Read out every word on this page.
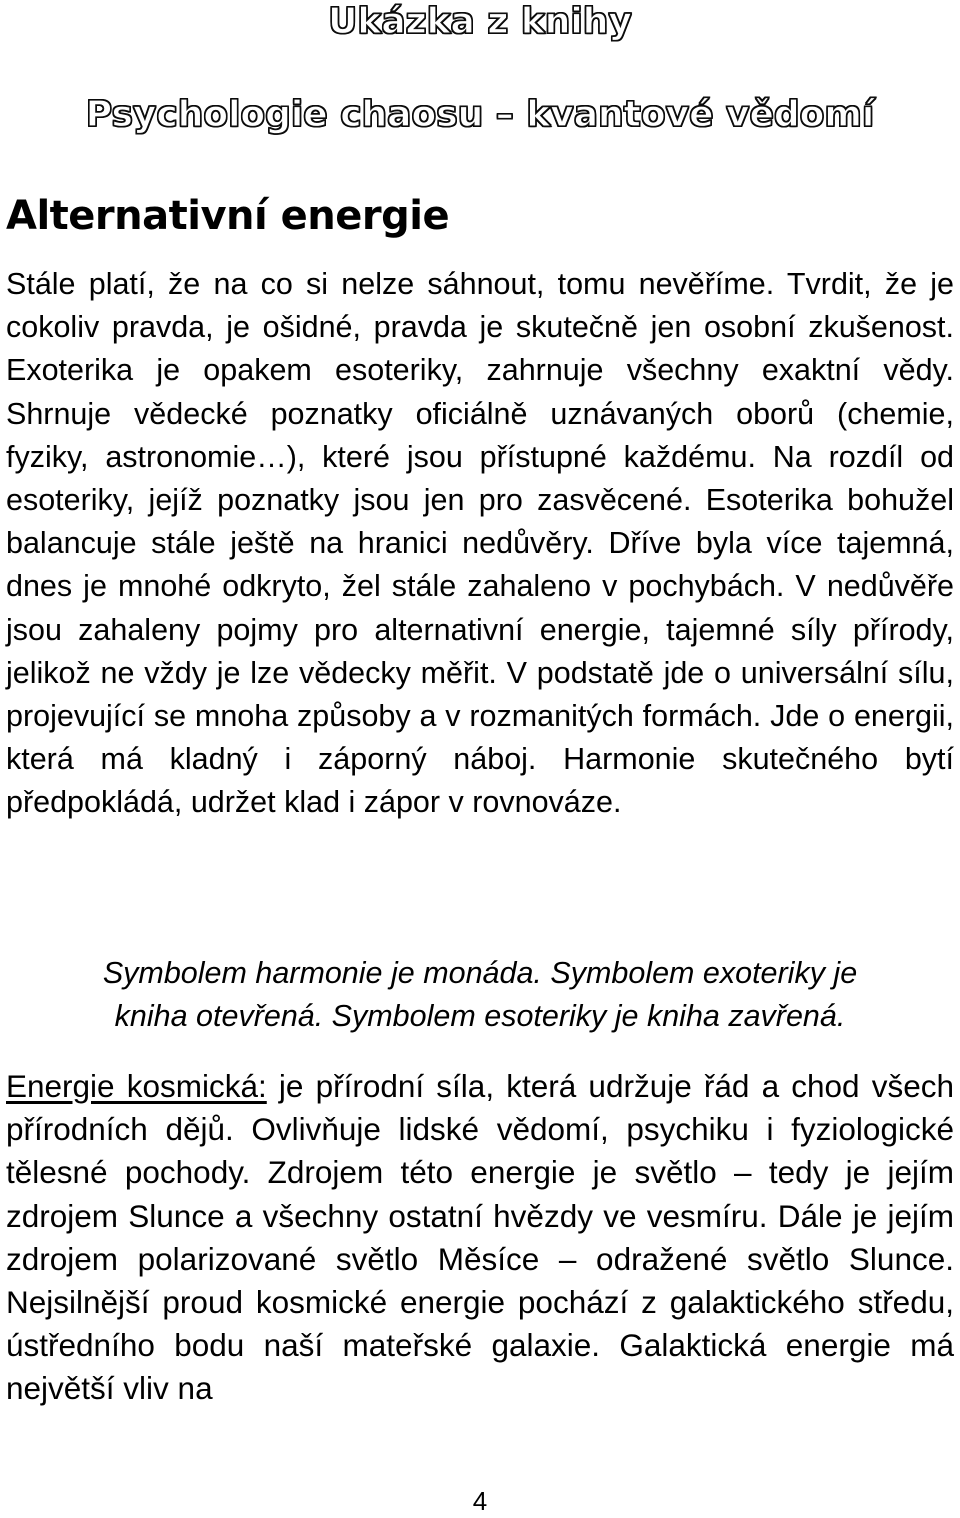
Ukázka z knihy
Psychologie chaosu – kvantové vědomí
Alternativní energie

Stále platí, že na co si nelze sáhnout, tomu nevěříme. Tvrdit, že je cokoliv pravda, je ošidné, pravda je skutečně jen osobní zkušenost. Exoterika je opakem esoteriky, zahrnuje všechny exaktní vědy. Shrnuje vědecké poznatky oficiálně uznávaných oborů (chemie, fyziky, astronomie…), které jsou přístupné každému. Na rozdíl od esoteriky, jejíž poznatky jsou jen pro zasvěcené. Esoterika bohužel balancuje stále ještě na hranici nedůvěry. Dříve byla více tajemná, dnes je mnohé odkryto, žel stále zahaleno v pochybách. V nedůvěře jsou zahaleny pojmy pro alternativní energie, tajemné síly přírody, jelikož ne vždy je lze vědecky měřit. V podstatě jde o universální sílu, projevující se mnoha způsoby a v rozmanitých formách. Jde o energii, která má kladný i záporný náboj. Harmonie skutečného bytí předpokládá, udržet klad i zápor v rovnováze.

Symbolem harmonie je monáda. Symbolem exoteriky je
kniha otevřená. Symbolem esoteriky je kniha zavřená.

Energie kosmická: je přírodní síla, která udržuje řád a chod všech přírodních dějů. Ovlivňuje lidské vědomí, psychiku i fyziologické tělesné pochody. Zdrojem této energie je světlo – tedy je jejím zdrojem Slunce a všechny ostatní hvězdy ve vesmíru. Dále je jejím zdrojem polarizované světlo Měsíce – odražené světlo Slunce. Nejsilnější proud kosmické energie pochází z galaktického středu, ústředního bodu naší mateřské galaxie. Galaktická energie má největší vliv na

4
